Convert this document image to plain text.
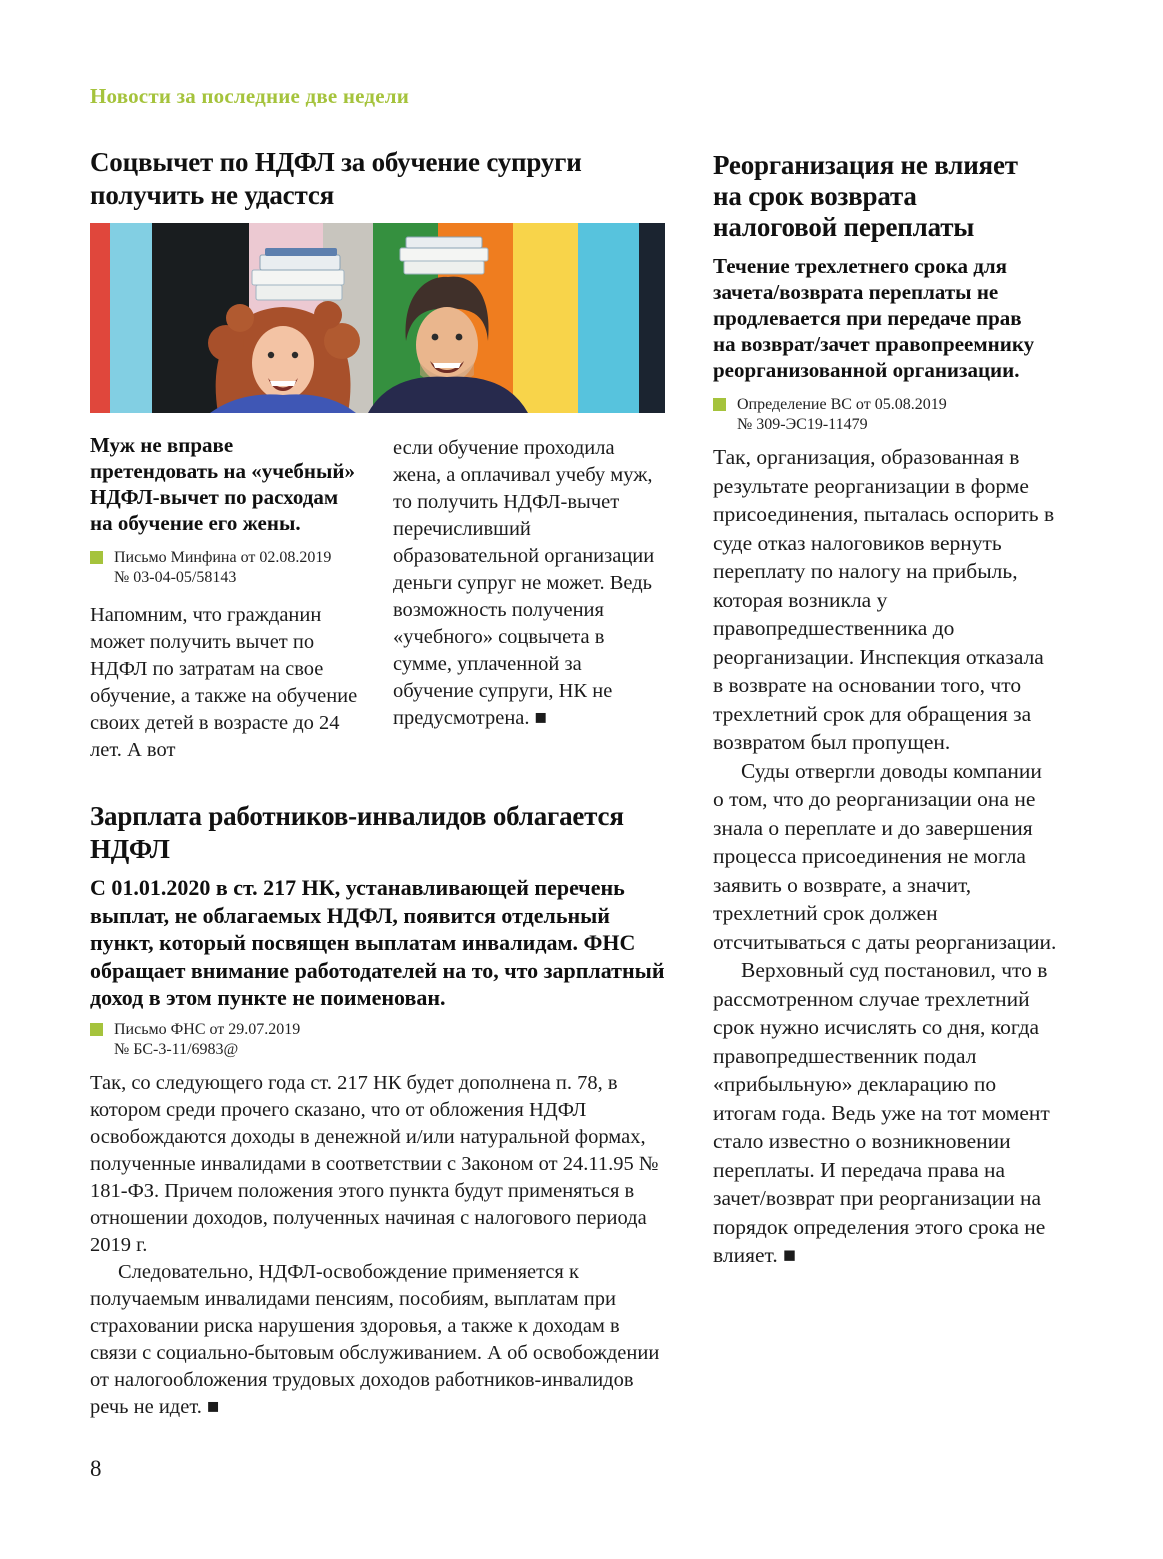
Новости за последние две недели
Соцвычет по НДФЛ за обучение супруги получить не удастся

Муж не вправе претендовать на «учебный» НДФЛ-вычет по расходам на обучение его жены.

Письмо Минфина от 02.08.2019
№ 03-04-05/58143

Напомним, что гражданин может получить вычет по НДФЛ по затратам на свое обучение, а также на обучение своих детей в возрасте до 24 лет. А вот

если обучение проходила жена, а оплачивал учебу муж, то получить НДФЛ-вычет перечисливший образовательной организации деньги супруг не может. Ведь возможность получения «учебного» соцвычета в сумме, уплаченной за обучение супруги, НК не предусмотрена. ■

Зарплата работников-инвалидов облагается НДФЛ

С 01.01.2020 в ст. 217 НК, устанавливающей перечень выплат, не облагаемых НДФЛ, появится отдельный пункт, который посвящен выплатам инвалидам. ФНС обращает внимание работодателей на то, что зарплатный доход в этом пункте не поименован.

Письмо ФНС от 29.07.2019
№ БС-3-11/6983@

Так, со следующего года ст. 217 НК будет дополнена п. 78, в котором среди прочего сказано, что от обложения НДФЛ освобождаются доходы в денежной и/или натуральной формах, полученные инвалидами в соответствии с Законом от 24.11.95 № 181-ФЗ. Причем положения этого пункта будут применяться в отношении доходов, полученных начиная с налогового периода 2019 г.

Следовательно, НДФЛ-освобождение применяется к получаемым инвалидами пенсиям, пособиям, выплатам при страховании риска нарушения здоровья, а также к доходам в связи с социально-бытовым обслуживанием. А об освобождении от налогообложения трудовых доходов работников-инвалидов речь не идет. ■

Реорганизация не влияет на срок возврата налоговой переплаты

Течение трехлетнего срока для зачета/возврата переплаты не продлевается при передаче прав на возврат/зачет правопреемнику реорганизованной организации.

Определение ВС от 05.08.2019
№ 309-ЭС19-11479

Так, организация, образованная в результате реорганизации в форме присоединения, пыталась оспорить в суде отказ налоговиков вернуть переплату по налогу на прибыль, которая возникла у правопредшественника до реорганизации. Инспекция отказала в возврате на основании того, что трехлетний срок для обращения за возвратом был пропущен.

Суды отвергли доводы компании о том, что до реорганизации она не знала о переплате и до завершения процесса присоединения не могла заявить о возврате, а значит, трехлетний срок должен отсчитываться с даты реорганизации.

Верховный суд постановил, что в рассмотренном случае трехлетний срок нужно исчислять со дня, когда правопредшественник подал «прибыльную» декларацию по итогам года. Ведь уже на тот момент стало известно о возникновении переплаты. И передача права на зачет/возврат при реорганизации на порядок определения этого срока не влияет. ■

8
